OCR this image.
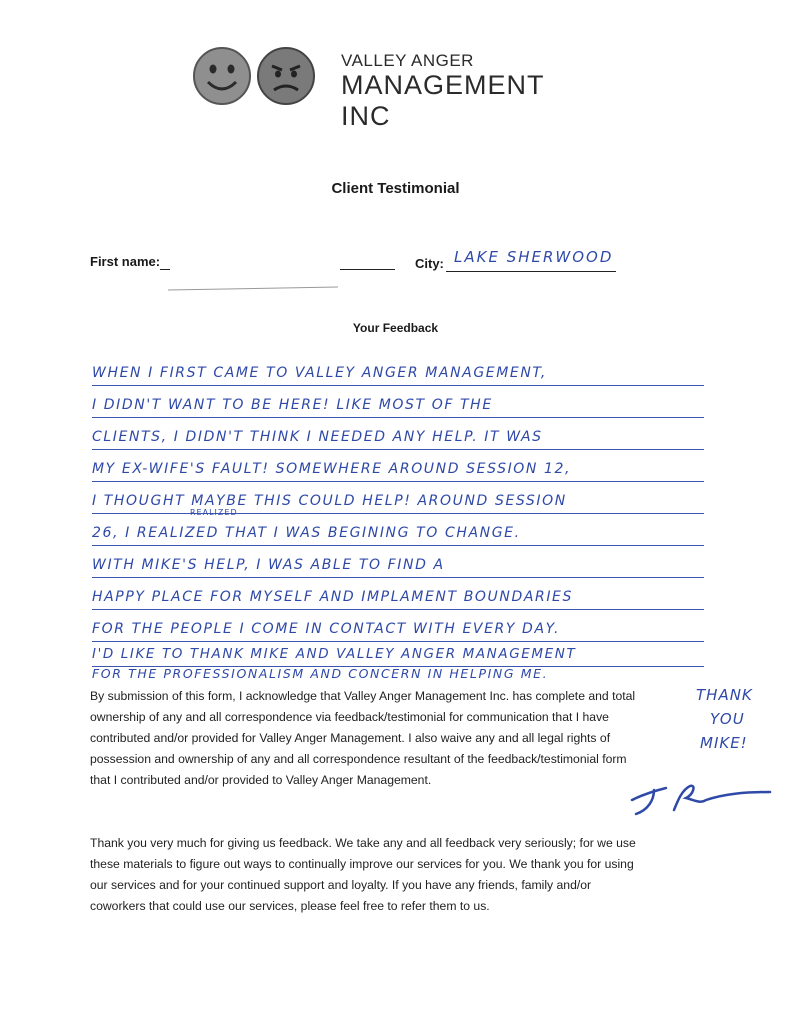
VALLEY ANGER
MANAGEMENT INC
Client Testimonial
First name:	City: LAKE SHERWOOD
Your Feedback
WHEN I FIRST CAME TO VALLEY ANGER MANAGEMENT,
I DIDN'T WANT TO BE HERE! LIKE MOST OF THE
CLIENTS, I DIDN'T THINK I NEEDED ANY HELP. IT WAS
MY EX-WIFE'S FAULT! SOMEWHERE AROUND SESSION 12,
I THOUGHT MAYBE THIS COULD HELP! AROUND SESSION
REALIZED
26, I REALIZED THAT I WAS BEGINING TO CHANGE.
WITH MIKE'S HELP, I WAS ABLE TO FIND A
HAPPY PLACE FOR MYSELF AND IMPLAMENT BOUNDARIES
FOR THE PEOPLE I COME IN CONTACT WITH EVERY DAY.
I'D LIKE TO THANK MIKE AND VALLEY ANGER MANAGEMENT
FOR THE PROFESSIONALISM AND CONCERN IN HELPING ME.
THANK
YOU
MIKE!

By submission of this form, I acknowledge that Valley Anger Management Inc. has complete and total

ownership of any and all correspondence via feedback/testimonial for communication that I have

contributed and/or provided for Valley Anger Management. I also waive any and all legal rights of

possession and ownership of any and all correspondence resultant of the feedback/testimonial form

that I contributed and/or provided to Valley Anger Management.

Thank you very much for giving us feedback. We take any and all feedback very seriously; for we use

these materials to figure out ways to continually improve our services for you. We thank you for using

our services and for your continued support and loyalty. If you have any friends, family and/or

coworkers that could use our services, please feel free to refer them to us.
